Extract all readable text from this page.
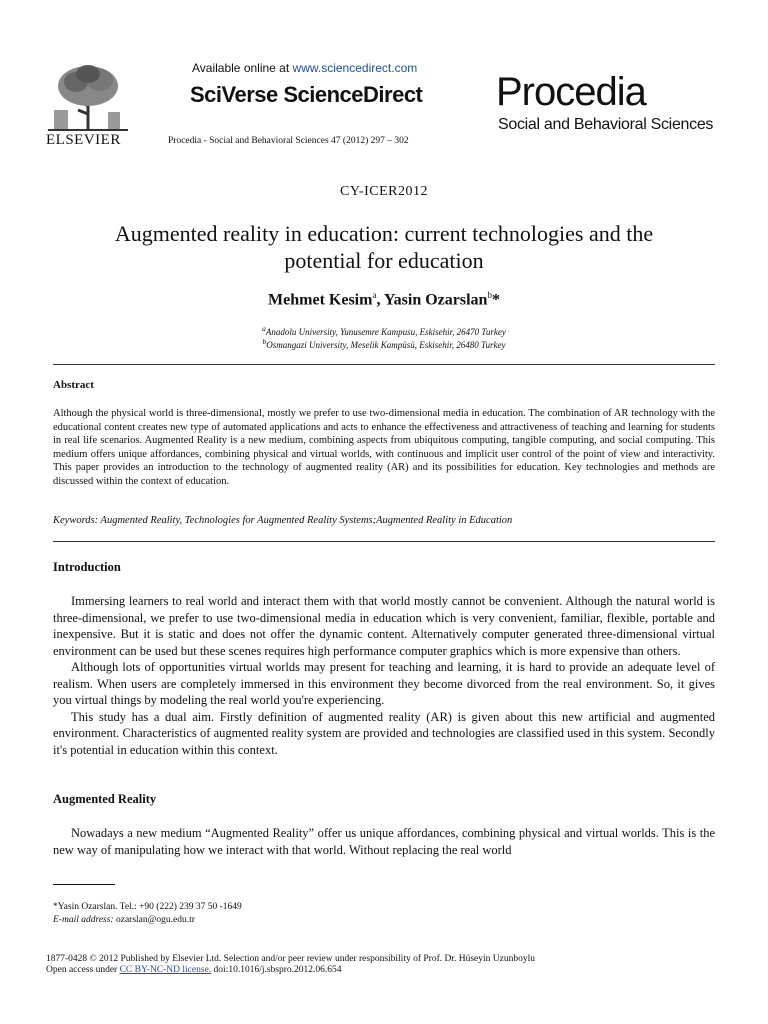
ELSEVIER
Available online at www.sciencedirect.com
SciVerse ScienceDirect
Procedia - Social and Behavioral Sciences 47 (2012) 297 – 302
Procedia
Social and Behavioral Sciences
CY-ICER2012
Augmented reality in education: current technologies and the
potential for education
Mehmet Kesim$^a$, Yasin Ozarslan$^b$*
$^a$Anadolu University, Yunusemre Kampusu, Eskisehir, 26470 Turkey
$^b$Osmangazi University, Meselik Kampüsü, Eskisehir, 26480 Turkey
Abstract
Although the physical world is three-dimensional, mostly we prefer to use two-dimensional media in education. The combination of AR technology with the educational content creates new type of automated applications and acts to enhance the effectiveness and attractiveness of teaching and learning for students in real life scenarios. Augmented Reality is a new medium, combining aspects from ubiquitous computing, tangible computing, and social computing. This medium offers unique affordances, combining physical and virtual worlds, with continuous and implicit user control of the point of view and interactivity. This paper provides an introduction to the technology of augmented reality (AR) and its possibilities for education. Key technologies and methods are discussed within the context of education.
Keywords: Augmented Reality, Technologies for Augmented Reality Systems;Augmented Reality in Education
Introduction

Immersing learners to real world and interact them with that world mostly cannot be convenient. Although the natural world is three-dimensional, we prefer to use two-dimensional media in education which is very convenient, familiar, flexible, portable and inexpensive. But it is static and does not offer the dynamic content. Alternatively computer generated three-dimensional virtual environment can be used but these scenes requires high performance computer graphics which is more expensive than others.

Although lots of opportunities virtual worlds may present for teaching and learning, it is hard to provide an adequate level of realism. When users are completely immersed in this environment they become divorced from the real environment. So, it gives you virtual things by modeling the real world you're experiencing.

This study has a dual aim. Firstly definition of augmented reality (AR) is given about this new artificial and augmented environment. Characteristics of augmented reality system are provided and technologies are classified used in this system. Secondly it's potential in education within this context.

Augmented Reality

Nowadays a new medium “Augmented Reality” offer us unique affordances, combining physical and virtual worlds. This is the new way of manipulating how we interact with that world. Without replacing the real world

*Yasin Ozarslan. Tel.: +90 (222) 239 37 50 -1649
E-mail address: ozarslan@ogu.edu.tr
1877-0428 © 2012 Published by Elsevier Ltd. Selection and/or peer review under responsibility of Prof. Dr. Hüseyin Uzunboylu
Open access under CC BY-NC-ND license. doi:10.1016/j.sbspro.2012.06.654
